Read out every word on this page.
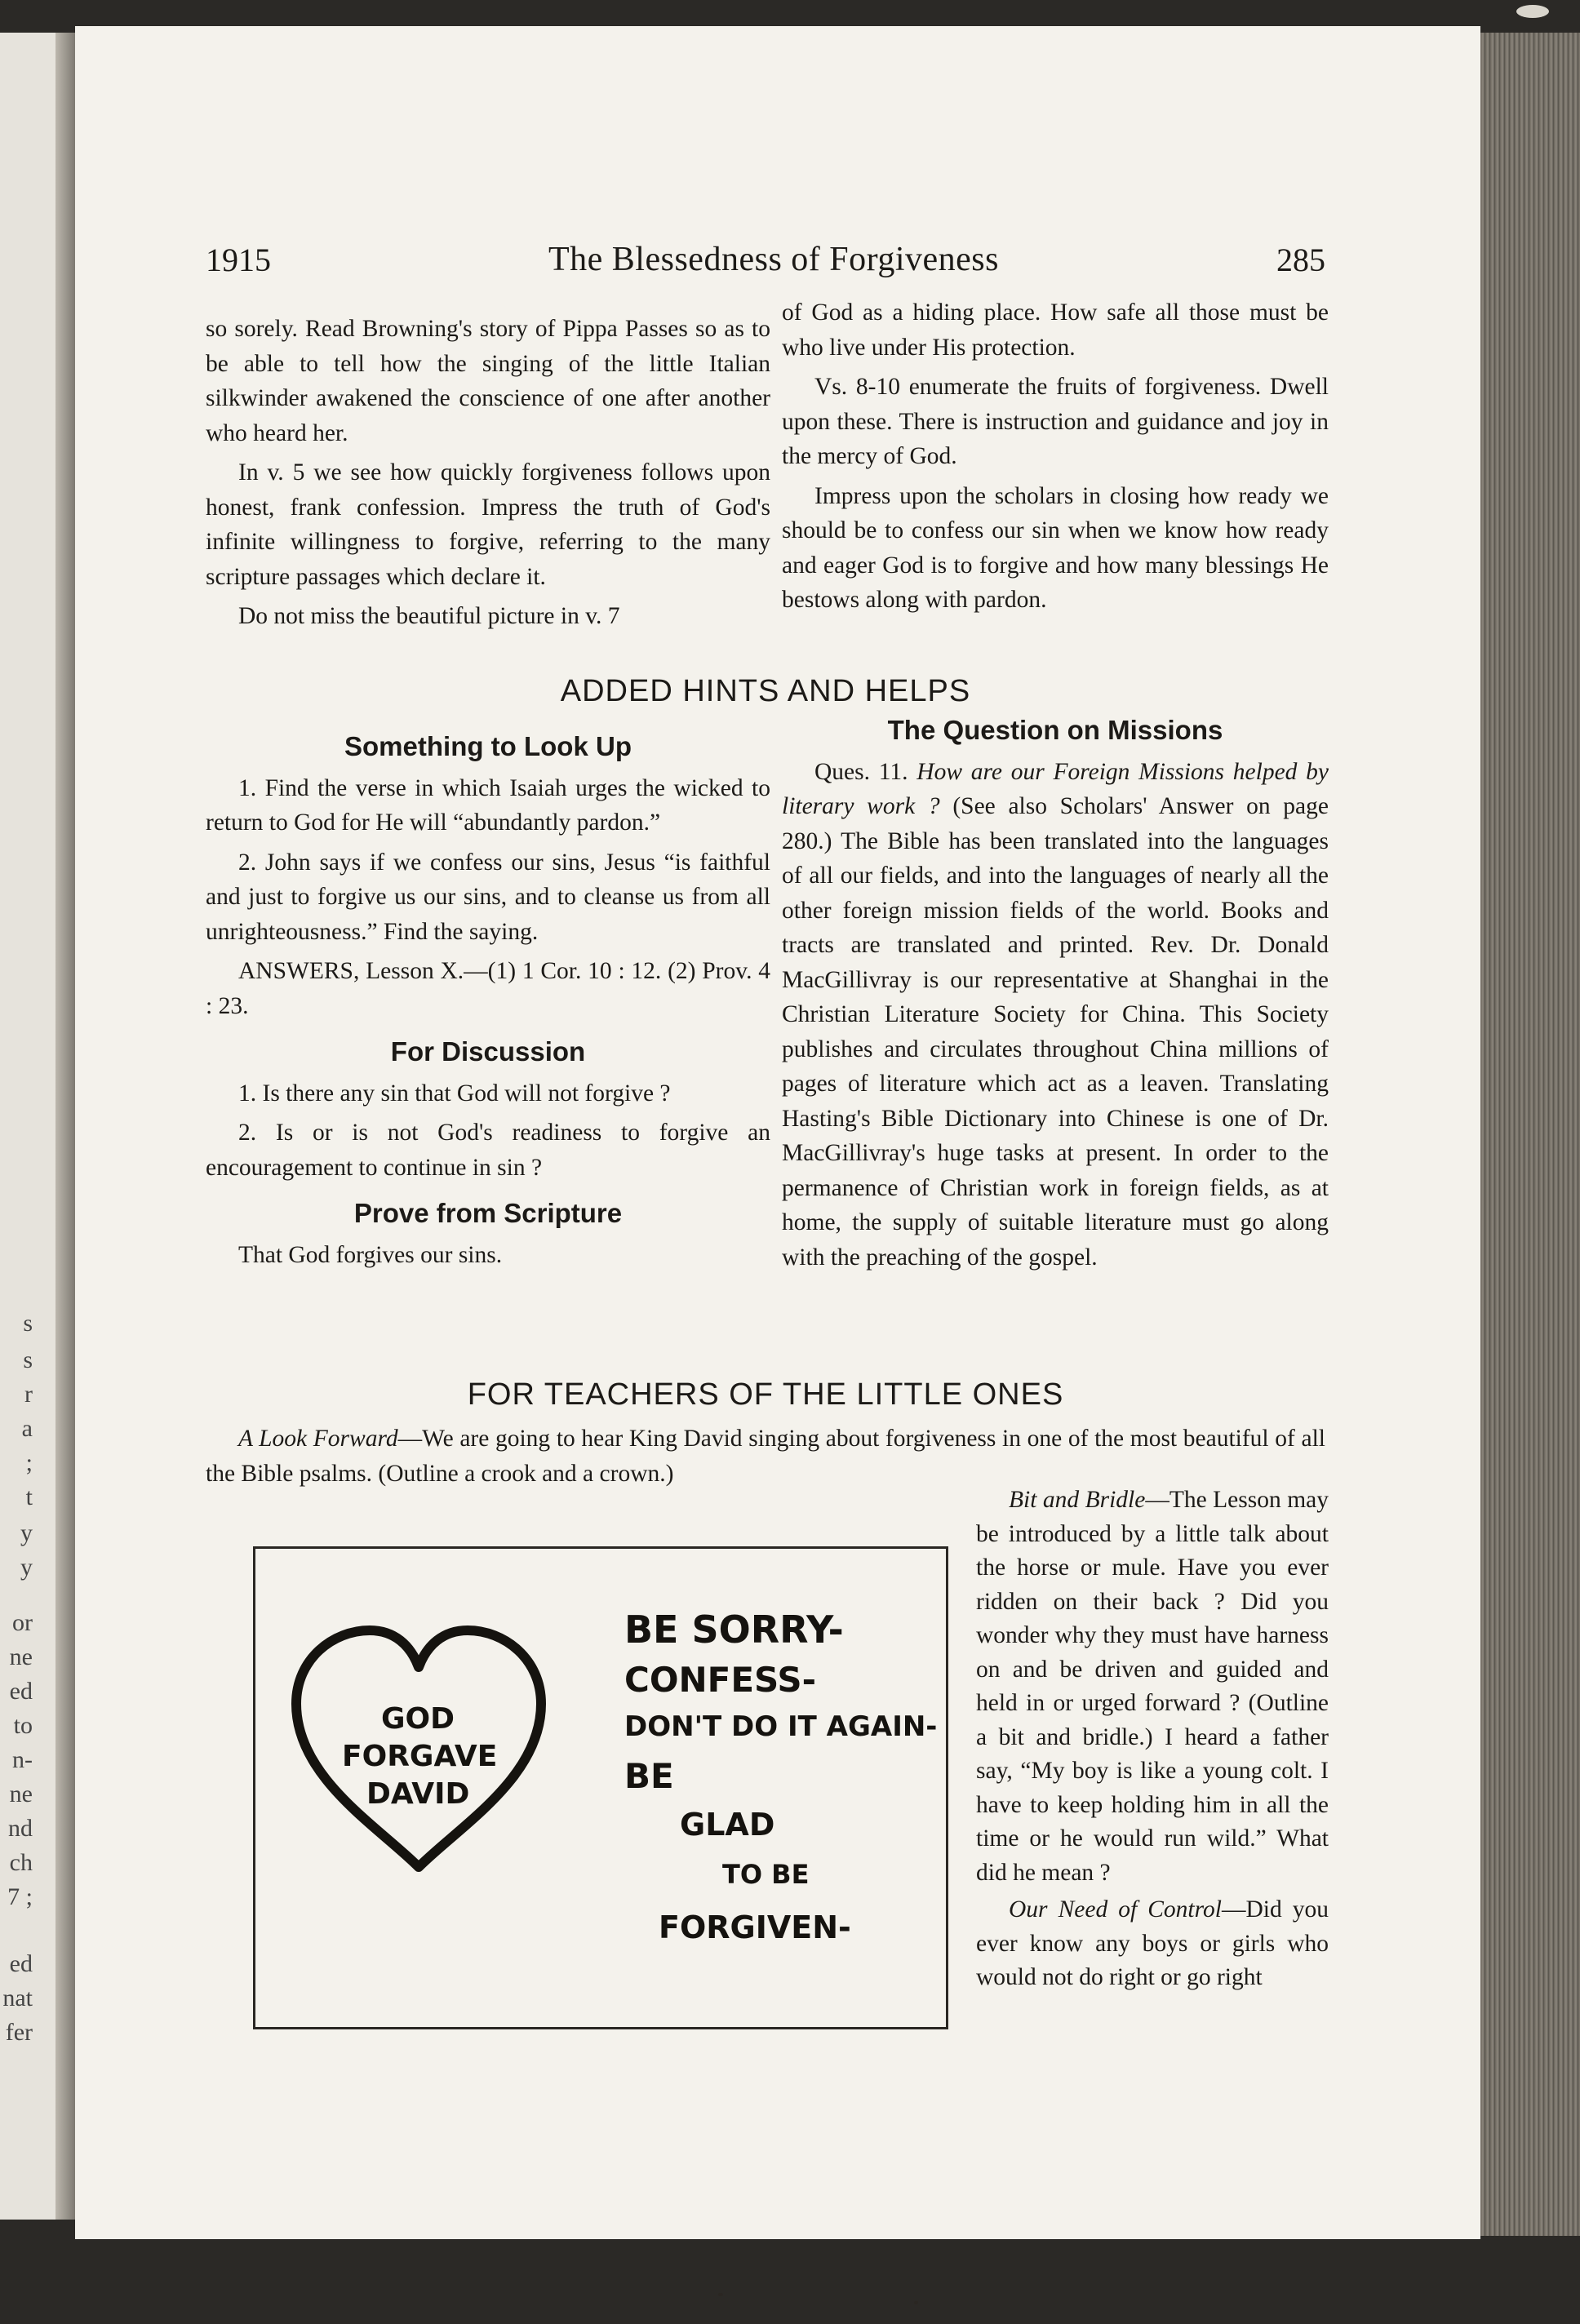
s
s
r
a
;
t
y
y
or
ne
ed
to
n-
ne
nd
ch
7 ;
ed
nat
fer
1915	The Blessedness of Forgiveness	285

so sorely. Read Browning's story of Pippa Passes so as to be able to tell how the singing of the little Italian silkwinder awakened the conscience of one after another who heard her.

In v. 5 we see how quickly forgiveness follows upon honest, frank confession. Impress the truth of God's infinite willingness to forgive, referring to the many scripture passages which declare it.

Do not miss the beautiful picture in v. 7

of God as a hiding place. How safe all those must be who live under His protection.

Vs. 8-10 enumerate the fruits of forgiveness. Dwell upon these. There is instruction and guidance and joy in the mercy of God.

Impress upon the scholars in closing how ready we should be to confess our sin when we know how ready and eager God is to forgive and how many blessings He bestows along with pardon.

ADDED HINTS AND HELPS
Something to Look Up

1. Find the verse in which Isaiah urges the wicked to return to God for He will “abundantly pardon.”

2. John says if we confess our sins, Jesus “is faithful and just to forgive us our sins, and to cleanse us from all unrighteousness.” Find the saying.

ANSWERS, Lesson X.—(1) 1 Cor. 10 : 12. (2) Prov. 4 : 23.

For Discussion

1. Is there any sin that God will not forgive ?

2. Is or is not God's readiness to forgive an encouragement to continue in sin ?

Prove from Scripture

That God forgives our sins.

The Question on Missions

Ques. 11. How are our Foreign Missions helped by literary work ? (See also Scholars' Answer on page 280.) The Bible has been translated into the languages of all our fields, and into the languages of nearly all the other foreign mission fields of the world. Books and tracts are translated and printed. Rev. Dr. Donald MacGillivray is our representative at Shanghai in the Christian Literature Society for China. This Society publishes and circulates throughout China millions of pages of literature which act as a leaven. Translating Hasting's Bible Dictionary into Chinese is one of Dr. MacGillivray's huge tasks at present. In order to the permanence of Christian work in foreign fields, as at home, the supply of suitable literature must go along with the preaching of the gospel.

FOR TEACHERS OF THE LITTLE ONES

A Look Forward—We are going to hear King David singing about forgiveness in one of the most beautiful of all the Bible psalms. (Outline a crook and a crown.)

GOD
FORGAVE
DAVID
BE SORRY-
CONFESS-
DON'T DO IT AGAIN-
BE
GLAD
TO BE
FORGIVEN-

Bit and Bridle—The Lesson may be introduced by a little talk about the horse or mule. Have you ever ridden on their back ? Did you wonder why they must have harness on and be driven and guided and held in or urged forward ? (Outline a bit and bridle.) I heard a father say, “My boy is like a young colt. I have to keep holding him in all the time or he would run wild.” What did he mean ?

Our Need of Control—Did you ever know any boys or girls who would not do right or go right
